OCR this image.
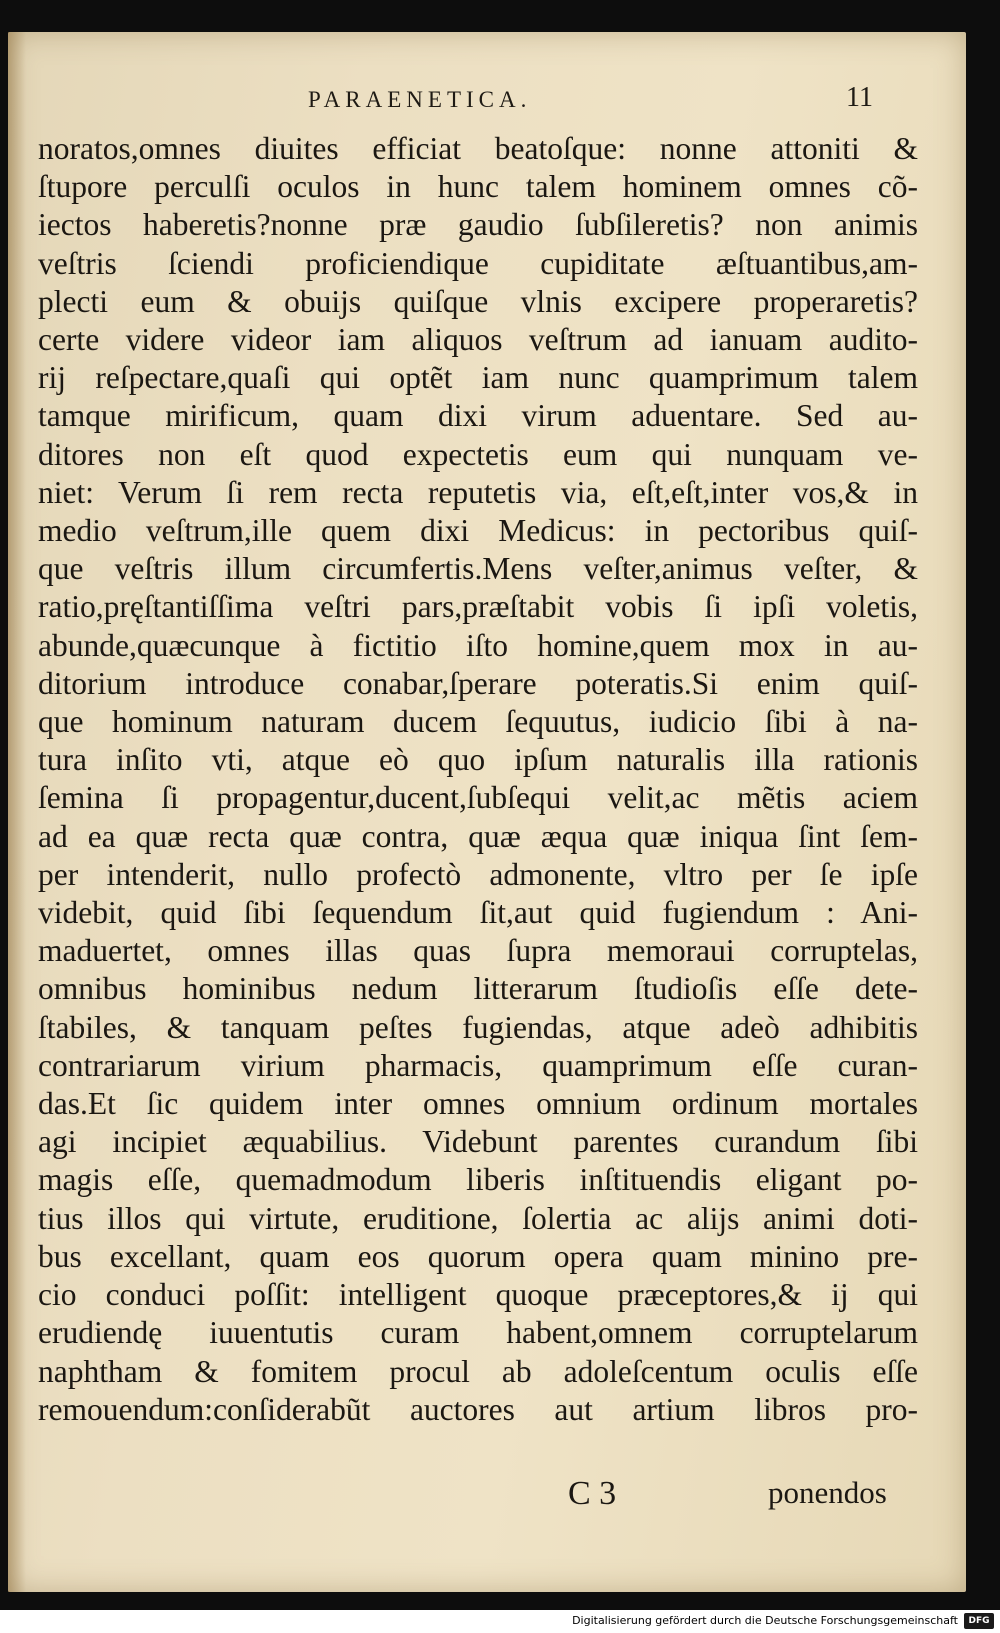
PARAENETICA.	11
noratos,omnes diuites efficiat beatoſque: nonne attoniti &
ſtupore perculſi oculos in hunc talem hominem omnes cõ-
iectos haberetis?nonne præ gaudio ſubſileretis? non animis
veſtris ſciendi proficiendique cupiditate æſtuantibus,am-
plecti eum & obuijs quiſque vlnis excipere properaretis?
certe videre videor iam aliquos veſtrum ad ianuam audito-
rij reſpectare,quaſi qui optẽt iam nunc quamprimum talem
tamque mirificum, quam dixi virum aduentare. Sed au-
ditores non eſt quod expectetis eum qui nunquam ve-
niet: Verum ſi rem recta reputetis via, eſt,eſt,inter vos,& in
medio veſtrum,ille quem dixi Medicus: in pectoribus quiſ-
que veſtris illum circumfertis.Mens veſter,animus veſter, &
ratio,pręſtantiſſima veſtri pars,præſtabit vobis ſi ipſi voletis,
abunde,quæcunque à fictitio iſto homine,quem mox in au-
ditorium introduce conabar,ſperare poteratis.Si enim quiſ-
que hominum naturam ducem ſequutus, iudicio ſibi à na-
tura inſito vti, atque eò quo ipſum naturalis illa rationis
ſemina ſi propagentur,ducent,ſubſequi velit,ac mẽtis aciem
ad ea quæ recta quæ contra, quæ æqua quæ iniqua ſint ſem-
per intenderit, nullo profectò admonente, vltro per ſe ipſe
videbit, quid ſibi ſequendum ſit,aut quid fugiendum : Ani-
maduertet, omnes illas quas ſupra memoraui corruptelas,
omnibus hominibus nedum litterarum ſtudioſis eſſe dete-
ſtabiles, & tanquam peſtes fugiendas, atque adeò adhibitis
contrariarum virium pharmacis, quamprimum eſſe curan-
das.Et ſic quidem inter omnes omnium ordinum mortales
agi incipiet æquabilius. Videbunt parentes curandum ſibi
magis eſſe, quemadmodum liberis inſtituendis eligant po-
tius illos qui virtute, eruditione, ſolertia ac alijs animi doti-
bus excellant, quam eos quorum opera quam minino pre-
cio conduci poſſit: intelligent quoque præceptores,& ij qui
erudiendę iuuentutis curam habent,omnem corruptelarum
naphtham & fomitem procul ab adoleſcentum oculis eſſe
remouendum:conſiderabũt auctores aut artium libros pro-
C 3	ponendos
Digitalisierung gefördert durch die Deutsche Forschungsgemeinschaft	DFG
